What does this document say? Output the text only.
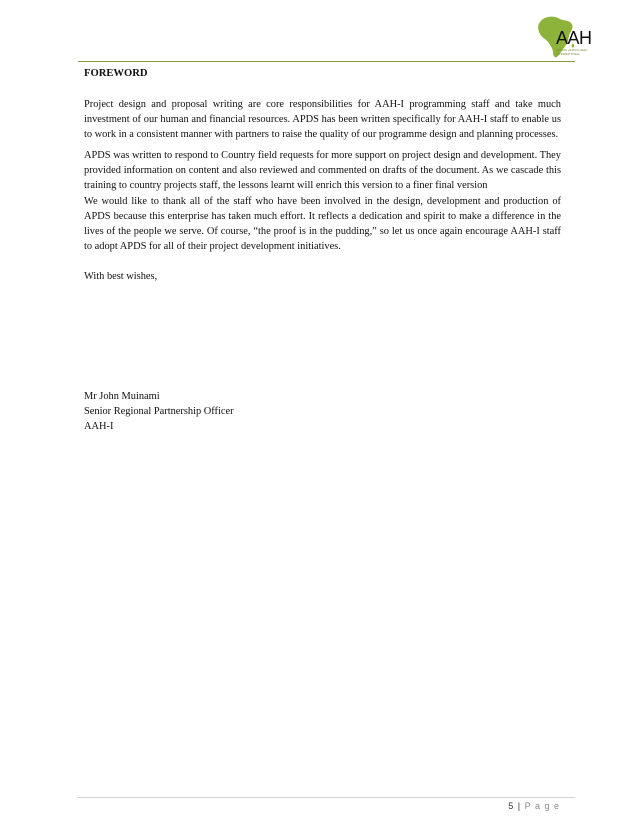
AAH
ACTION AFRICA HELP INTERNATIONAL

FOREWORD

Project design and proposal writing are core responsibilities for AAH-I programming staff and take much investment of our human and financial resources. APDS has been written specifically for AAH-I staff to enable us to work in a consistent manner with partners to raise the quality of our programme design and planning processes.

APDS was written to respond to Country field requests for more support on project design and development. They provided information on content and also reviewed and commented on drafts of the document. As we cascade this training to country projects staff, the lessons learnt will enrich this version to a finer final version

We would like to thank all of the staff who have been involved in the design, development and production of APDS because this enterprise has taken much effort. It reflects a dedication and spirit to make a difference in the lives of the people we serve. Of course, “the proof is in the pudding,” so let us once again encourage AAH-I staff to adopt APDS for all of their project development initiatives.

With best wishes,

Mr John Muinami
Senior Regional Partnership Officer
AAH-I
5 | P a g e
